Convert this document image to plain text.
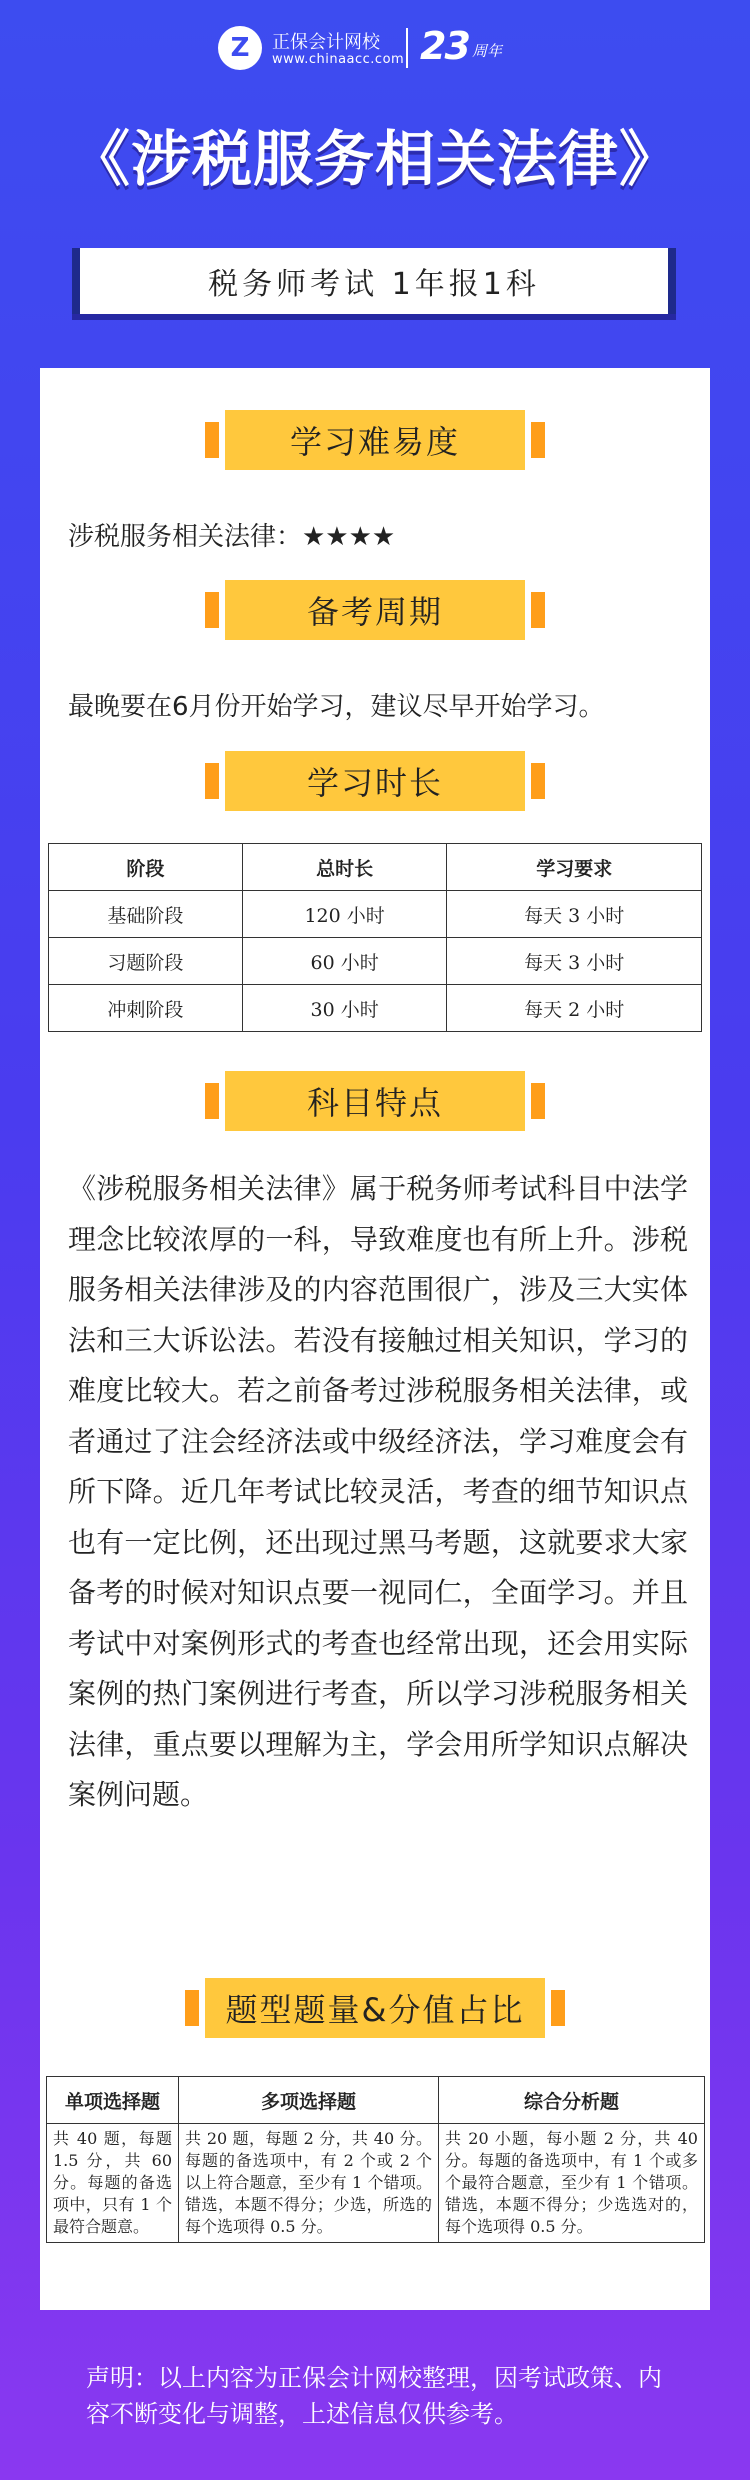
Z	正保会计网校
www.chinaacc.com 23 周年
《涉税服务相关法律》
税务师考试 1年报1科
学习难易度
涉税服务相关法律：★★★★
备考周期
最晚要在6月份开始学习，建议尽早开始学习。
学习时长
阶段	总时长	学习要求
基础阶段	120 小时	每天 3 小时
习题阶段	60 小时	每天 3 小时
冲刺阶段	30 小时	每天 2 小时
科目特点
《涉税服务相关法律》属于税务师考试科目中法学理念比较浓厚的一科，导致难度也有所上升。涉税服务相关法律涉及的内容范围很广，涉及三大实体法和三大诉讼法。若没有接触过相关知识，学习的难度比较大。若之前备考过涉税服务相关法律，或者通过了注会经济法或中级经济法，学习难度会有所下降。近几年考试比较灵活，考查的细节知识点也有一定比例，还出现过黑马考题，这就要求大家备考的时候对知识点要一视同仁，全面学习。并且考试中对案例形式的考查也经常出现，还会用实际案例的热门案例进行考查，所以学习涉税服务相关法律，重点要以理解为主，学会用所学知识点解决案例问题。
题型题量&分值占比
单项选择题	多项选择题	综合分析题
共 40 题，每题 1.5 分，共 60 分。每题的备选项中，只有 1 个最符合题意。	共 20 题，每题 2 分，共 40 分。每题的备选项中，有 2 个或 2 个以上符合题意，至少有 1 个错项。错选，本题不得分；少选，所选的每个选项得 0.5 分。	共 20 小题，每小题 2 分，共 40 分。每题的备选项中，有 1 个或多个最符合题意，至少有 1 个错项。错选，本题不得分；少选选对的，每个选项得 0.5 分。
声明：以上内容为正保会计网校整理，因考试政策、内容不断变化与调整，上述信息仅供参考。
